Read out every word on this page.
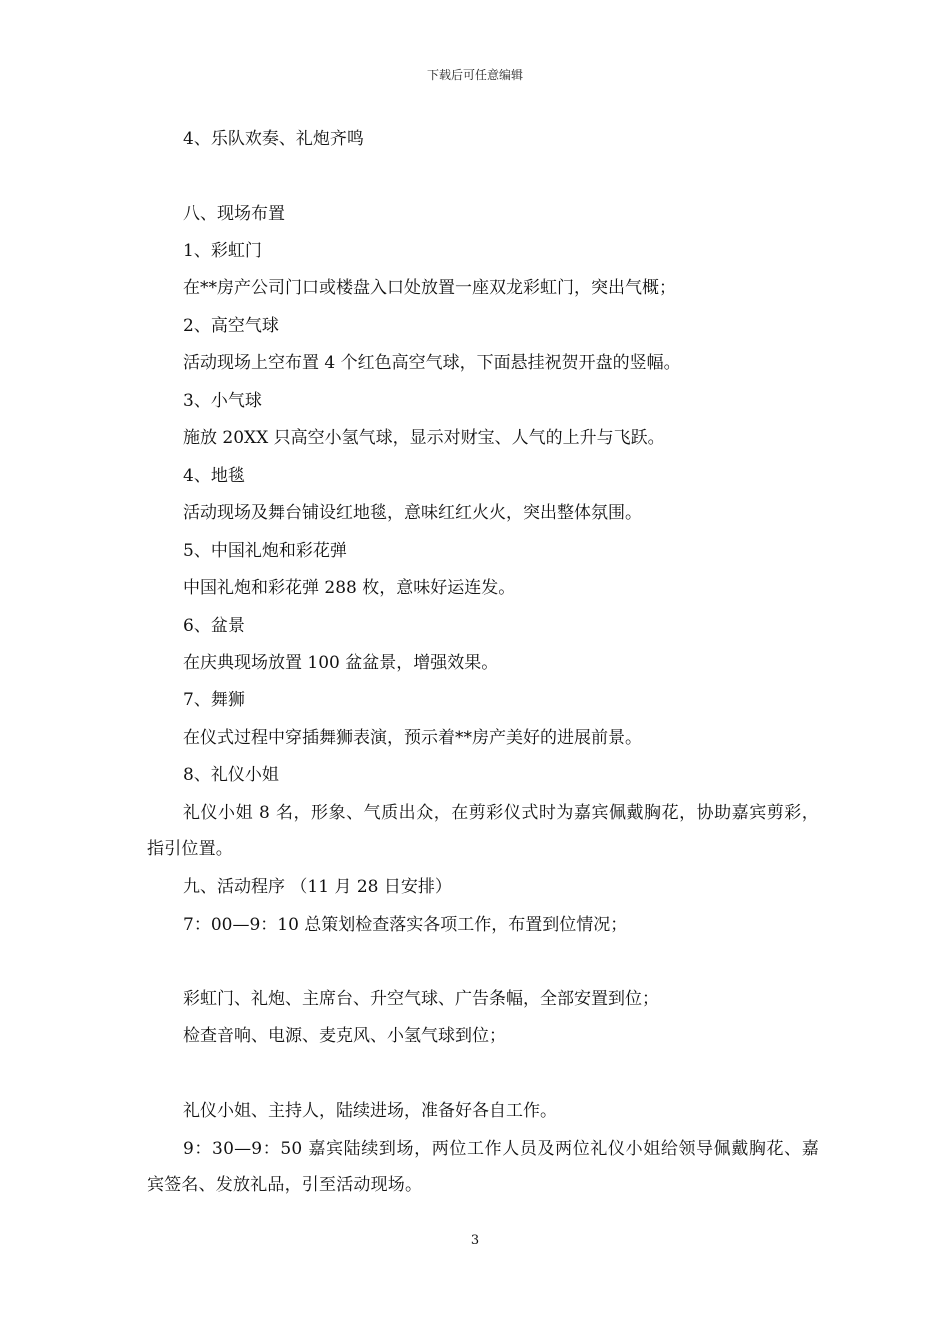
下载后可任意编辑
4、乐队欢奏、礼炮齐鸣
八、现场布置
1、彩虹门
在**房产公司门口或楼盘入口处放置一座双龙彩虹门，突出气概；
2、高空气球
活动现场上空布置 4 个红色高空气球，下面悬挂祝贺开盘的竖幅。
3、小气球
施放 20XX 只高空小氢气球，显示对财宝、人气的上升与飞跃。
4、地毯
活动现场及舞台铺设红地毯，意味红红火火，突出整体氛围。
5、中国礼炮和彩花弹
中国礼炮和彩花弹 288 枚，意味好运连发。
6、盆景
在庆典现场放置 100 盆盆景，增强效果。
7、舞狮
在仪式过程中穿插舞狮表演，预示着**房产美好的进展前景。
8、礼仪小姐
礼仪小姐 8 名，形象、气质出众，在剪彩仪式时为嘉宾佩戴胸花，协助嘉宾剪彩，指引位置。
九、活动程序 （11 月 28 日安排）
7：00—9：10 总策划检查落实各项工作，布置到位情况；
彩虹门、礼炮、主席台、升空气球、广告条幅，全部安置到位；
检查音响、电源、麦克风、小氢气球到位；
礼仪小姐、主持人，陆续进场，准备好各自工作。
9：30—9：50 嘉宾陆续到场，两位工作人员及两位礼仪小姐给领导佩戴胸花、嘉宾签名、发放礼品，引至活动现场。
3
